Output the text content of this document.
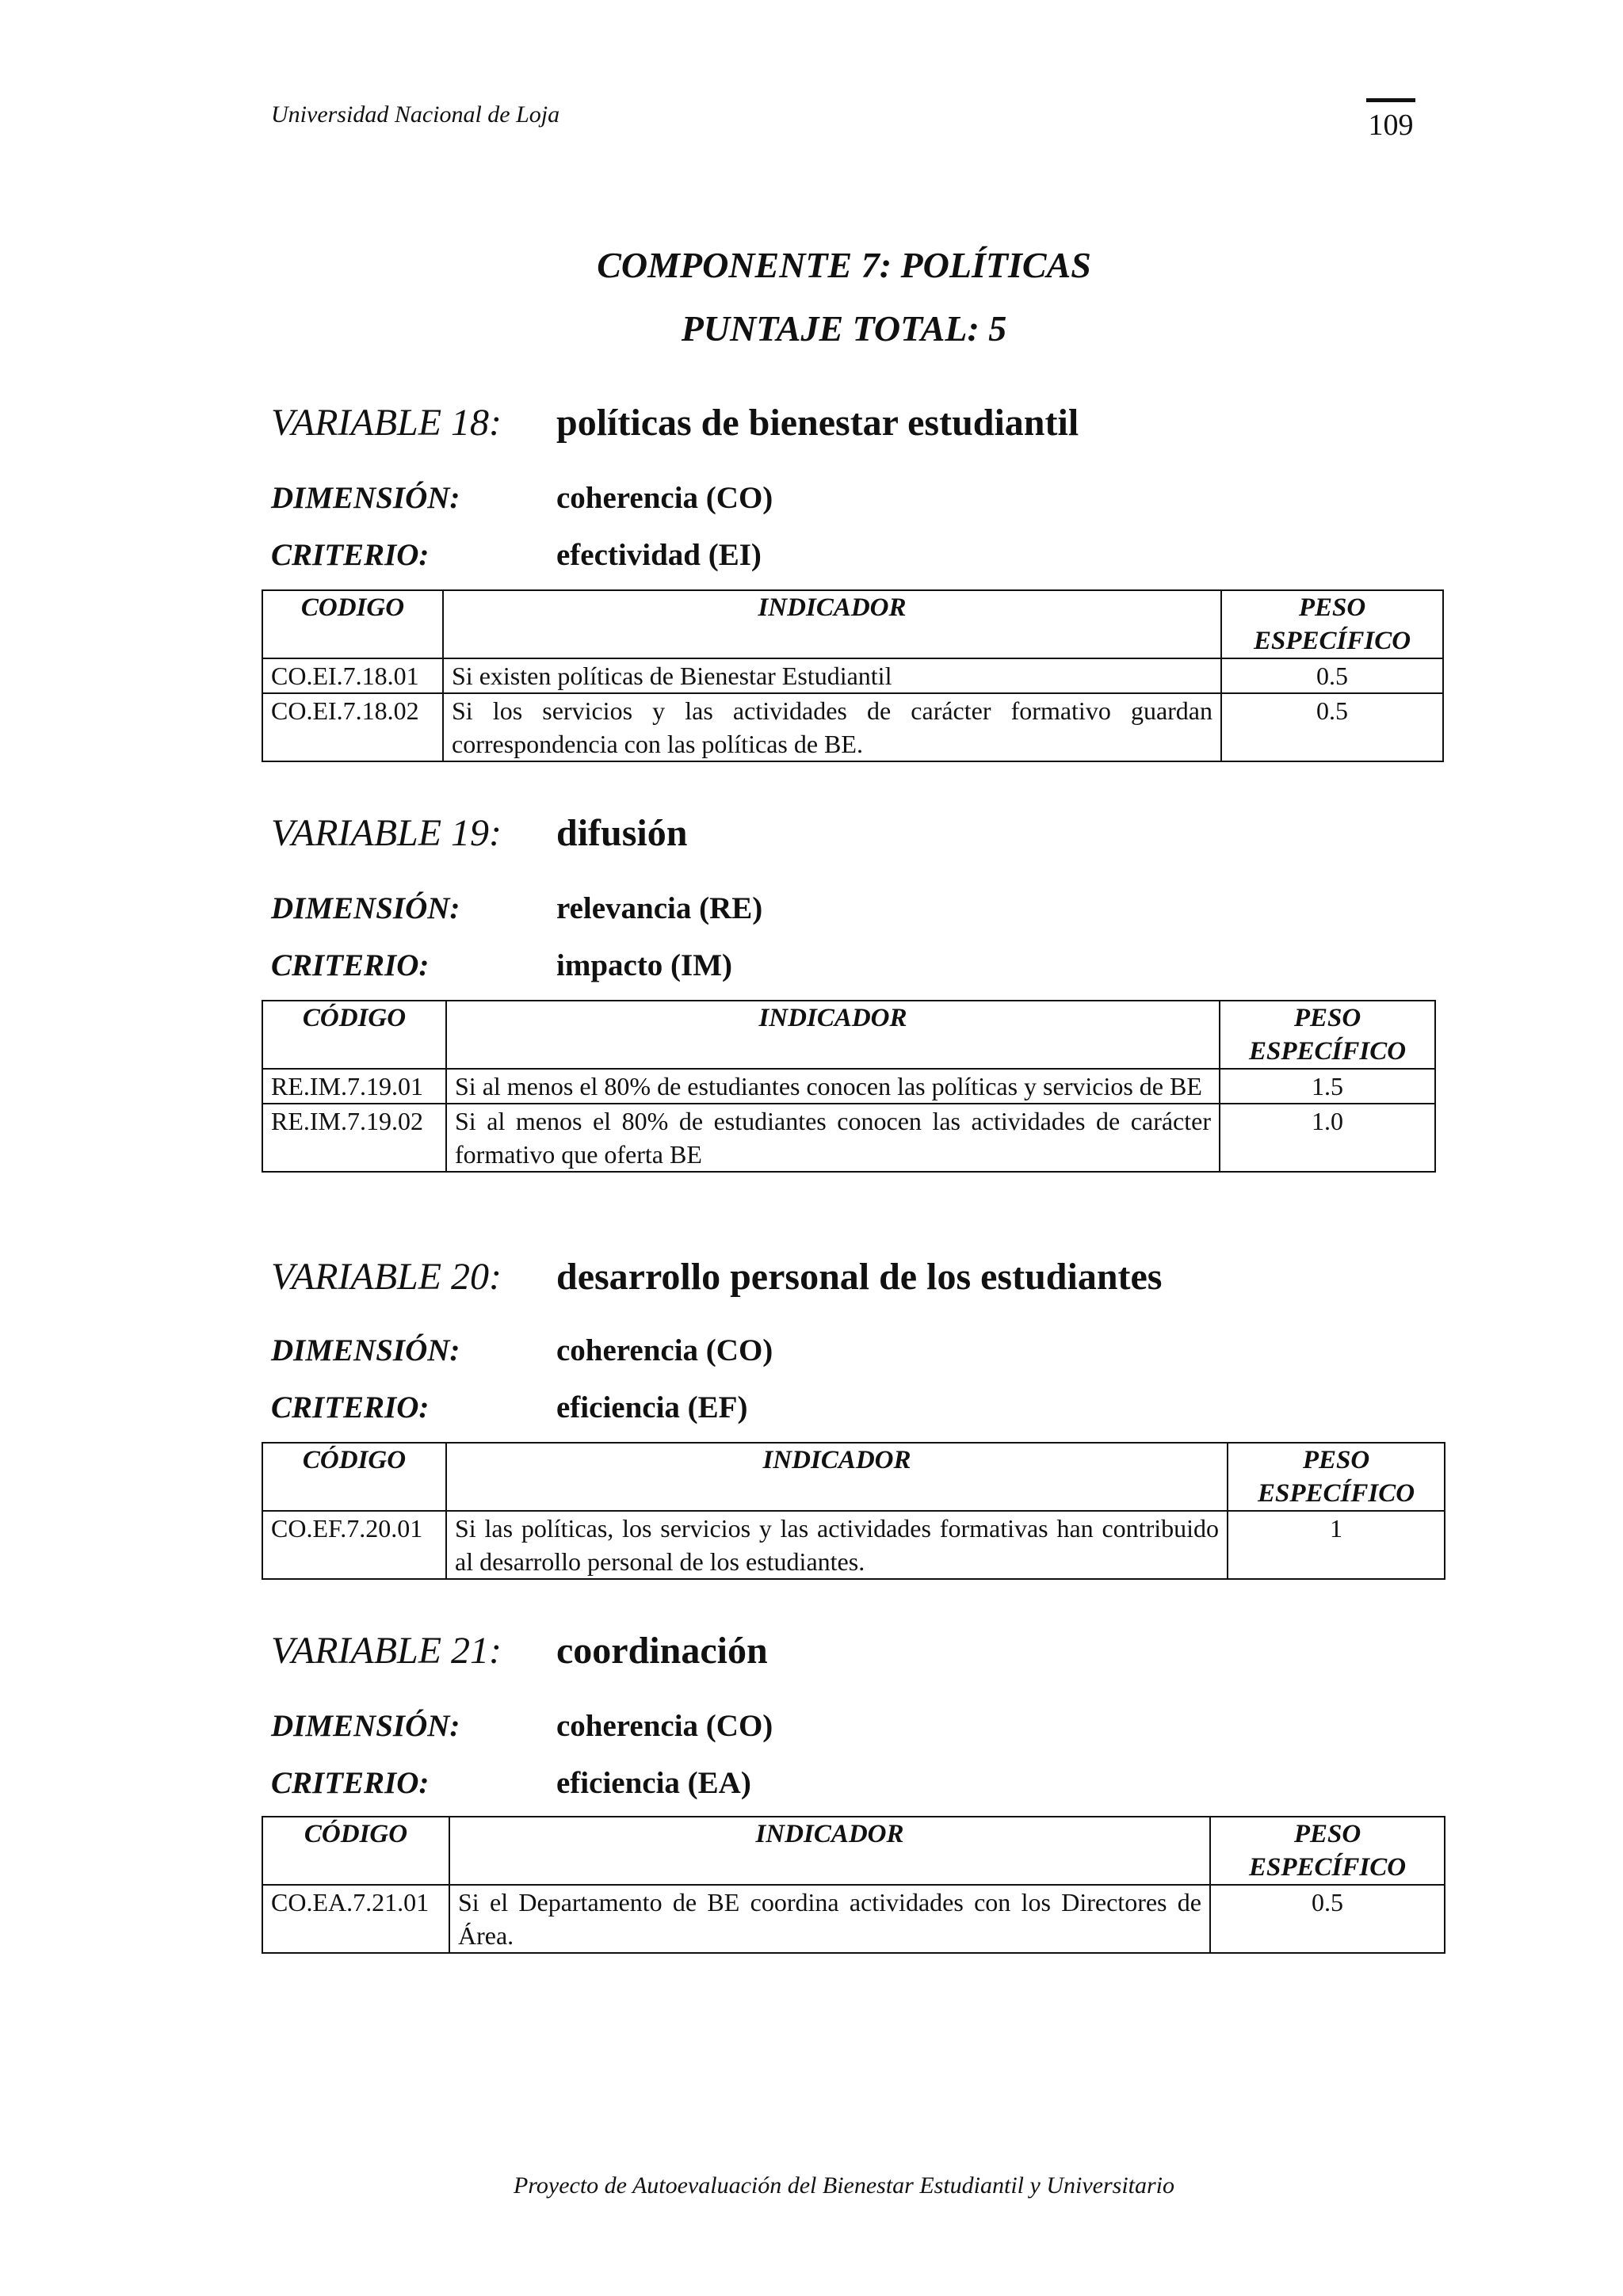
Universidad Nacional de Loja	109
COMPONENTE 7: POLÍTICAS
PUNTAJE TOTAL: 5
VARIABLE 18: políticas de bienestar estudiantil
DIMENSIÓN:	coherencia (CO)
CRITERIO:	efectividad (EI)
CODIGO	INDICADOR	PESO ESPECÍFICO
CO.EI.7.18.01	Si existen políticas de Bienestar Estudiantil	0.5
CO.EI.7.18.02	Si los servicios y las actividades de carácter formativo guardan correspondencia con las políticas de BE.	0.5
VARIABLE 19: difusión
DIMENSIÓN:	relevancia (RE)
CRITERIO:	impacto (IM)
CÓDIGO	INDICADOR	PESO ESPECÍFICO
RE.IM.7.19.01	Si al menos el 80% de estudiantes conocen las políticas y servicios de BE	1.5
RE.IM.7.19.02	Si al menos el 80% de estudiantes conocen las actividades de carácter formativo que oferta BE	1.0
VARIABLE 20: desarrollo personal de los estudiantes
DIMENSIÓN:	coherencia (CO)
CRITERIO:	eficiencia (EF)
CÓDIGO	INDICADOR	PESO ESPECÍFICO
CO.EF.7.20.01	Si las políticas, los servicios y las actividades formativas han contribuido al desarrollo personal de los estudiantes.	1
VARIABLE 21: coordinación
DIMENSIÓN:	coherencia (CO)
CRITERIO:	eficiencia (EA)
CÓDIGO	INDICADOR	PESO ESPECÍFICO
CO.EA.7.21.01	Si el Departamento de BE coordina actividades con los Directores de Área.	0.5
Proyecto de Autoevaluación del Bienestar Estudiantil y Universitario
